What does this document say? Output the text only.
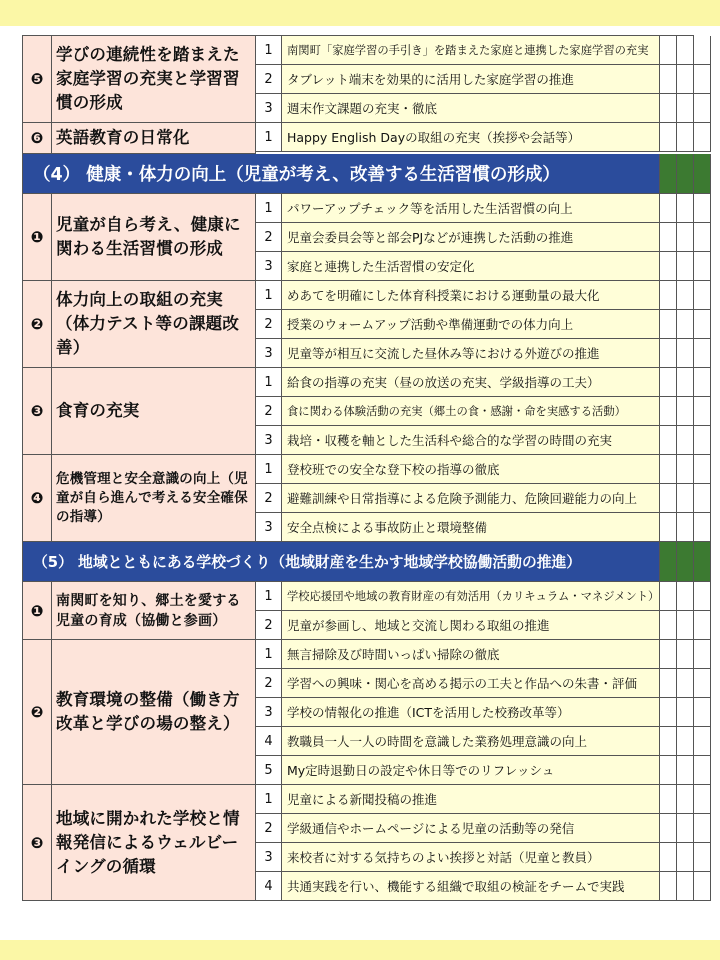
❺
学びの連続性を踏まえた家庭学習の充実と学習習慣の形成
1	南関町「家庭学習の手引き」を踏まえた家庭と連携した家庭学習の充実
2	タブレット端末を効果的に活用した家庭学習の推進
3	週末作文課題の充実・徹底
❻ 英語教育の日常化	1	Happy English Dayの取組の充実（挨拶や会話等）
（4） 健康・体力の向上（児童が考え、改善する生活習慣の形成）
❶
児童が自ら考え、健康に関わる生活習慣の形成
1	パワーアップチェック等を活用した生活習慣の向上
2	児童会委員会等と部会PJなどが連携した活動の推進
3	家庭と連携した生活習慣の安定化
❷
体力向上の取組の充実（体力テスト等の課題改善）
1	めあてを明確にした体育科授業における運動量の最大化
2	授業のウォームアップ活動や準備運動での体力向上
3	児童等が相互に交流した昼休み等における外遊びの推進
❸ 食育の充実
1	給食の指導の充実（昼の放送の充実、学級指導の工夫）
2	食に関わる体験活動の充実（郷土の食・感謝・命を実感する活動）
3	栽培・収穫を軸とした生活科や総合的な学習の時間の充実
❹
危機管理と安全意識の向上（児童が自ら進んで考える安全確保の指導）
1	登校班での安全な登下校の指導の徹底
2	避難訓練や日常指導による危険予測能力、危険回避能力の向上
3	安全点検による事故防止と環境整備
（5） 地域とともにある学校づくり（地域財産を生かす地域学校協働活動の推進）
❶
南関町を知り、郷土を愛する児童の育成（協働と参画）
1	学校応援団や地域の教育財産の有効活用（カリキュラム・マネジメント）
2	児童が参画し、地域と交流し関わる取組の推進
❷
教育環境の整備（働き方改革と学びの場の整え）
1	無言掃除及び時間いっぱい掃除の徹底
2	学習への興味・関心を高める掲示の工夫と作品への朱書・評価
3	学校の情報化の推進（ICTを活用した校務改革等）
4	教職員一人一人の時間を意識した業務処理意識の向上
5	My定時退勤日の設定や休日等でのリフレッシュ
❸
地域に開かれた学校と情報発信によるウェルビーイングの循環
1	児童による新聞投稿の推進
2	学級通信やホームページによる児童の活動等の発信
3	来校者に対する気持ちのよい挨拶と対話（児童と教員）
4	共通実践を行い、機能する組織で取組の検証をチームで実践
